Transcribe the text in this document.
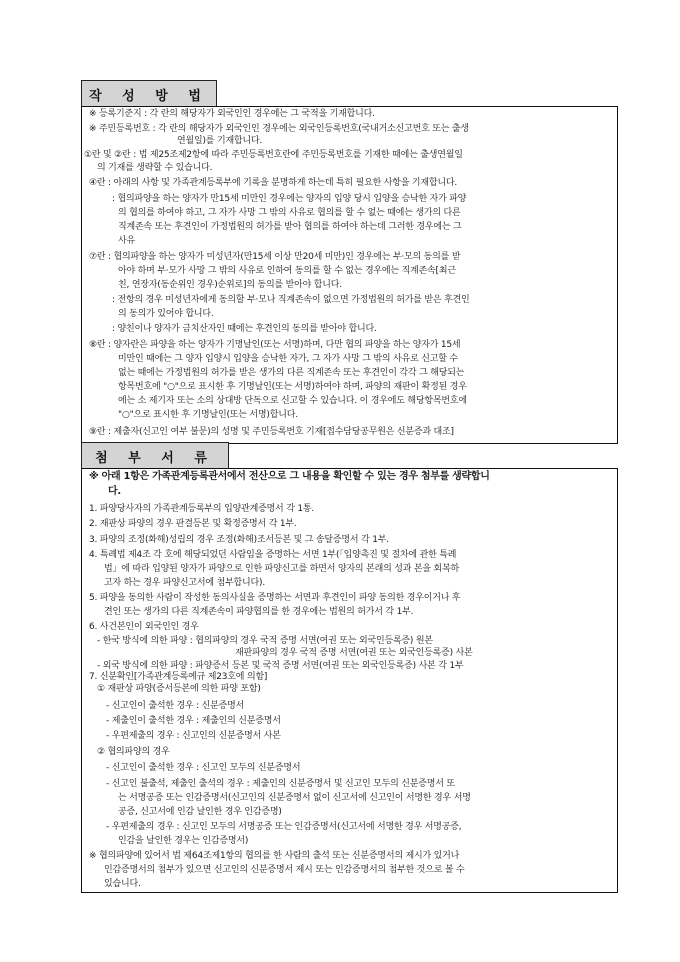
작 성 방 법
※ 등록기준지 : 각 란의 해당자가 외국인인 경우에는 그 국적을 기재합니다.
※ 주민등록번호 : 각 란의 해당자가 외국인인 경우에는 외국인등록번호(국내거소신고번호 또는 출생
연월일)를 기재합니다.
①란 및 ②란 : 법 제25조제2항에 따라 주민등록번호란에 주민등록번호를 기재한 때에는 출생연월일
의 기재를 생략할 수 있습니다.
④란 : 아래의 사항 및 가족관계등록부에 기록을 분명하게 하는데 특히 필요한 사항을 기재합니다.
: 협의파양을 하는 양자가 만15세 미만인 경우에는 양자의 입양 당시 입양을 승낙한 자가 파양
의 협의를 하여야 하고, 그 자가 사망 그 밖의 사유로 협의를 할 수 없는 때에는 생가의 다른
직계존속 또는 후견인이 가정법원의 허가를 받아 협의를 하여야 하는데 그러한 경우에는 그
사유
⑦란 : 협의파양을 하는 양자가 미성년자(만15세 이상 만20세 미만)인 경우에는 부·모의 동의를 받
아야 하며 부·모가 사망 그 밖의 사유로 인하여 동의를 할 수 없는 경우에는 직계존속[최근
친, 연장자(동순위인 경우)순위로]의 동의를 받아야 합니다.
: 전항의 경우 미성년자에게 동의할 부·모나 직계존속이 없으면 가정법원의 허가를 받은 후견인
의 동의가 있어야 합니다.
: 양친이나 양자가 금치산자인 때에는 후견인의 동의를 받아야 합니다.
⑧란 : 양자란은 파양을 하는 양자가 기명날인(또는 서명)하며, 다만 협의 파양을 하는 양자가 15세
미만인 때에는 그 양자 입양시 입양을 승낙한 자가, 그 자가 사망 그 밖의 사유로 신고할 수
없는 때에는 가정법원의 허가를 받은 생가의 다른 직계존속 또는 후견인이 각각 그 해당되는
항목번호에 "○"으로 표시한 후 기명날인(또는 서명)하여야 하며, 파양의 재판이 확정된 경우
에는 소 제기자 또는 소의 상대방 단독으로 신고할 수 있습니다. 이 경우에도 해당항목번호에
"○"으로 표시한 후 기명날인(또는 서명)합니다.
⑨란 : 제출자(신고인 여부 불문)의 성명 및 주민등록번호 기재[접수담당공무원은 신분증과 대조]
첨 부 서 류
※ 아래 1항은 가족관계등록관서에서 전산으로 그 내용을 확인할 수 있는 경우 첨부를 생략합니
다.
1. 파양당사자의 가족관계등록부의 입양관계증명서 각 1통.
2. 재판상 파양의 경우 판결등본 및 확정증명서 각 1부.
3. 파양의 조정(화해)성립의 경우 조정(화해)조서등본 및 그 송달증명서 각 1부.
4. 특례법 제4조 각 호에 해당되었던 사람임을 증명하는 서면 1부(「입양촉진 및 절차에 관한 특례
법」에 따라 입양된 양자가 파양으로 인한 파양신고를 하면서 양자의 본래의 성과 본을 회복하
고자 하는 경우 파양신고서에 첨부합니다).
5. 파양을 동의한 사람이 작성한 동의사실을 증명하는 서면과 후견인이 파양 동의한 경우이거나 후
견인 또는 생가의 다른 직계존속이 파양협의를 한 경우에는 법원의 허가서 각 1부.
6. 사건본인이 외국인인 경우
- 한국 방식에 의한 파양 : 협의파양의 경우 국적 증명 서면(여권 또는 외국인등록증) 원본
재판파양의 경우 국적 증명 서면(여권 또는 외국인등록증) 사본
- 외국 방식에 의한 파양 : 파양증서 등본 및 국적 증명 서면(여권 또는 외국인등록증) 사본 각 1부
7. 신분확인[가족관계등록예규 제23호에 의함]
① 재판상 파양(증서등본에 의한 파양 포함)
- 신고인이 출석한 경우 : 신분증명서
- 제출인이 출석한 경우 : 제출인의 신분증명서
- 우편제출의 경우 : 신고인의 신분증명서 사본
② 협의파양의 경우
- 신고인이 출석한 경우 : 신고인 모두의 신분증명서
- 신고인 불출석, 제출인 출석의 경우 : 제출인의 신분증명서 및 신고인 모두의 신분증명서 또
는 서명공증 또는 인감증명서(신고인의 신분증명서 없이 신고서에 신고인이 서명한 경우 서명
공증, 신고서에 인감 날인한 경우 인감증명)
- 우편제출의 경우 : 신고인 모두의 서명공증 또는 인감증명서(신고서에 서명한 경우 서명공증,
인감을 날인한 경우는 인감증명서)
※ 협의파양에 있어서 법 제64조제1항의 협의를 한 사람의 출석 또는 신분증명서의 제시가 있거나
인감증명서의 첨부가 있으면 신고인의 신분증명서 제시 또는 인감증명서의 첨부한 것으로 볼 수
있습니다.
